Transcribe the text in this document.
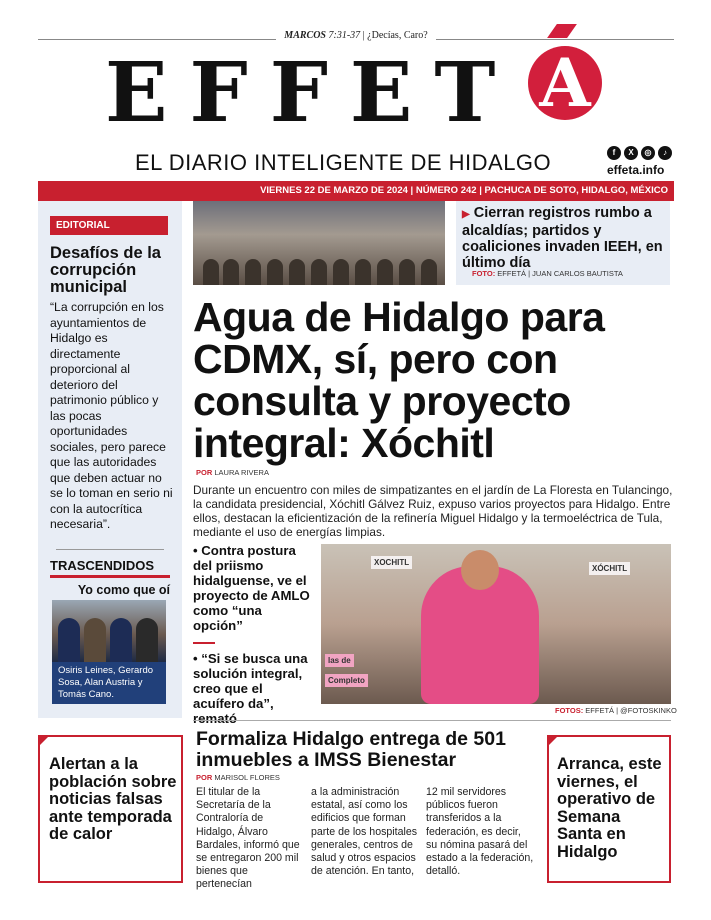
MARCOS 7:31-37 | ¿Decías, Caro?
EFFET A
EL DIARIO INTELIGENTE DE HIDALGO	f	X	◎	♪
effeta.info
VIERNES 22 DE MARZO DE 2024 | NÚMERO 242 | PACHUCA DE SOTO, HIDALGO, MÉXICO
EDITORIAL
Desafíos de la corrupción municipal
“La corrupción en los ayuntamientos de Hidalgo es directamente proporcional al deterioro del patrimonio público y las pocas oportunidades sociales, pero parece que las autoridades que deben actuar no se lo toman en serio ni con la autocrítica necesaria”.
TRASCENDIDOS
Yo como que oí
Osiris Leines, Gerardo Sosa, Alan Austria y Tomás Cano.
▶ Cierran registros rumbo a alcaldías; partidos y coaliciones invaden IEEH, en último día
FOTO: EFFETÁ | JUAN CARLOS BAUTISTA
Agua de Hidalgo para CDMX, sí, pero con consulta y proyecto integral: Xóchitl
POR LAURA RIVERA
Durante un encuentro con miles de simpatizantes en el jardín de La Floresta en Tulancingo, la candidata presidencial, Xóchitl Gálvez Ruiz, expuso varios proyectos para Hidalgo. Entre ellos, destacan la eficientización de la refinería Miguel Hidalgo y la termoeléctrica de Tula, mediante el uso de energías limpias.
• Contra postura del priismo hidalguense, ve el proyecto de AMLO como “una opción”
• “Si se busca una solución integral, creo que el acuífero da”, remató
XOCHITL
XÓCHITL
las de
Completo
FOTOS: EFFETÁ | @FOTOSKINKO
Alertan a la población sobre noticias falsas ante temporada de calor
Formaliza Hidalgo entrega de 501 inmuebles a IMSS Bienestar
POR MARISOL FLORES
El titular de la Secretaría de la Contraloría de Hidalgo, Álvaro Bardales, informó que se entregaron 200 mil bienes que pertenecían
a la administración estatal, así como los edificios que forman parte de los hospitales generales, centros de salud y otros espacios de atención. En tanto,
12 mil servidores públicos fueron transferidos a la federación, es decir, su nómina pasará del estado a la federación, detalló.
Arranca, este viernes, el operativo de Semana Santa en Hidalgo
